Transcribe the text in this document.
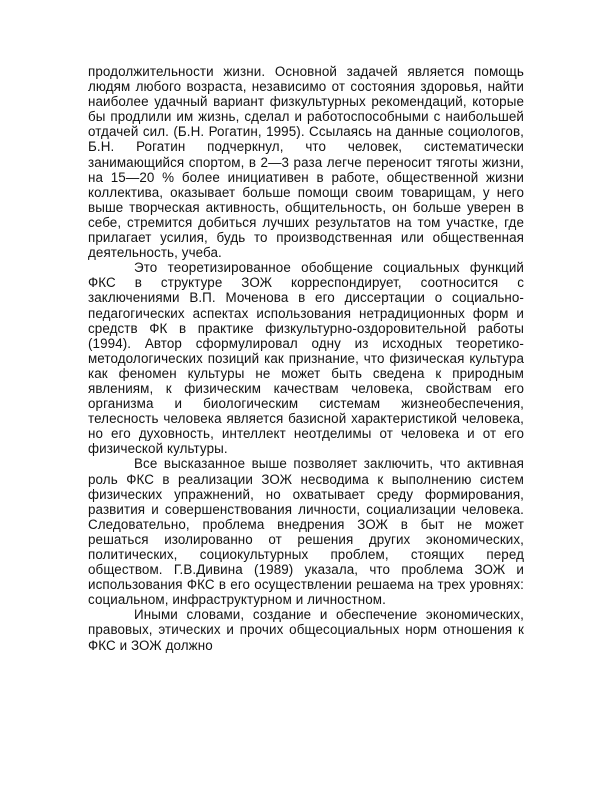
продолжительности жизни. Основной задачей является помощь людям любого возраста, независимо от состояния здоровья, найти наиболее удачный вариант физкультурных рекомендаций, которые бы продлили им жизнь, сделал и работоспособными с наибольшей отдачей сил. (Б.Н. Рогатин, 1995). Ссылаясь на данные социологов, Б.Н. Рогатин подчеркнул, что человек, систематически занимающийся спортом, в 2—3 раза легче переносит тяготы жизни, на 15—20 % более инициативен в работе, общественной жизни коллектива, оказывает больше помощи своим товарищам, у него выше творческая активность, общительность, он больше уверен в себе, стремится добиться лучших результатов на том участке, где прилагает усилия, будь то производственная или общественная деятельность, учеба.

Это теоретизированное обобщение социальных функций ФКС в структуре ЗОЖ корреспондирует, соотносится с заключениями В.П. Моченова в его диссертации о социально-педагогических аспектах использования нетрадиционных форм и средств ФК в практике физкультурно-оздоровительной работы (1994). Автор сформулировал одну из исходных теоретико-методологических позиций как признание, что физическая культура как феномен культуры не может быть сведена к природным явлениям, к физическим качествам человека, свойствам его организма и биологическим системам жизнеобеспечения, телесность человека является базисной характеристикой человека, но его духовность, интеллект неотделимы от человека и от его физической культуры.

Все высказанное выше позволяет заключить, что активная роль ФКС в реализации ЗОЖ несводима к выполнению систем физических упражнений, но охватывает среду формирования, развития и совершенствования личности, социализации человека. Следовательно, проблема внедрения ЗОЖ в быт не может решаться изолированно от решения других экономических, политических, социокультурных проблем, стоящих перед обществом. Г.В.Дивина (1989) указала, что проблема ЗОЖ и использования ФКС в его осуществлении решаема на трех уровнях: социальном, инфраструктурном и личностном.

Иными словами, создание и обеспечение экономических, правовых, этических и прочих общесоциальных норм отношения к ФКС и ЗОЖ должно
